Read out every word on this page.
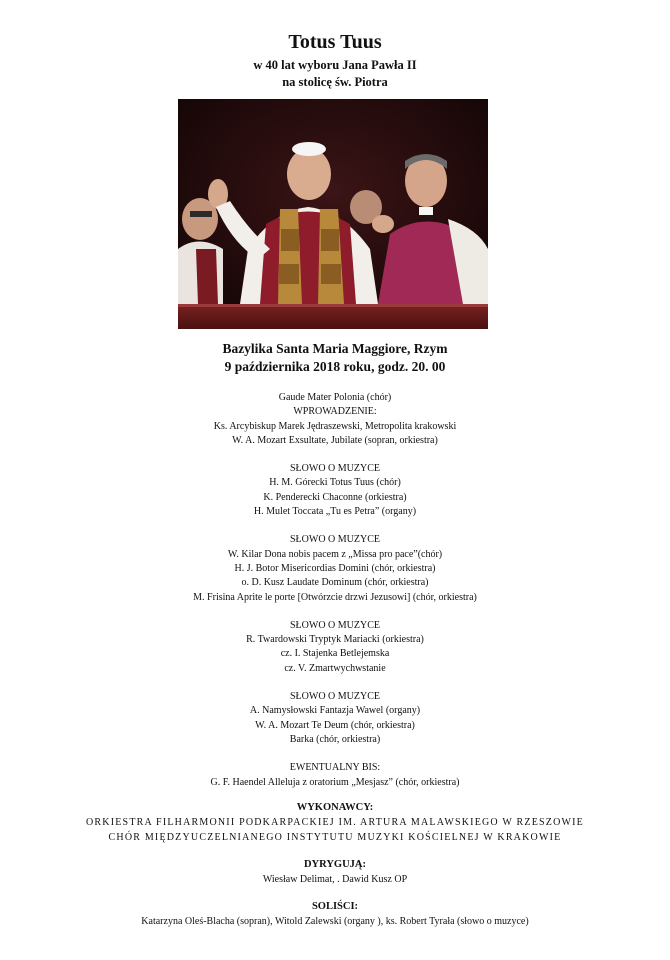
Totus Tuus
w 40 lat wyboru Jana Pawła II
na stolicę św. Piotra
Bazylika Santa Maria Maggiore, Rzym
9 października 2018 roku, godz. 20. 00
Gaude Mater Polonia (chór)
WPROWADZENIE:
Ks. Arcybiskup Marek Jędraszewski, Metropolita krakowski
W. A. Mozart Exsultate, Jubilate (sopran, orkiestra)
SŁOWO O MUZYCE
H. M. Górecki Totus Tuus (chór)
K. Penderecki Chaconne (orkiestra)
H. Mulet Toccata „Tu es Petra” (organy)
SŁOWO O MUZYCE
W. Kilar Dona nobis pacem z „Missa pro pace”(chór)
H. J. Botor Misericordias Domini (chór, orkiestra)
o. D. Kusz Laudate Dominum (chór, orkiestra)
M. Frisina Aprite le porte [Otwórzcie drzwi Jezusowi] (chór, orkiestra)
SŁOWO O MUZYCE
R. Twardowski Tryptyk Mariacki (orkiestra)
cz. I. Stajenka Betlejemska
cz. V. Zmartwychwstanie
SŁOWO O MUZYCE
A. Namysłowski Fantazja Wawel (organy)
W. A. Mozart Te Deum (chór, orkiestra)
Barka (chór, orkiestra)
EWENTUALNY BIS:
G. F. Haendel Alleluja z oratorium „Mesjasz” (chór, orkiestra)
WYKONAWCY:
ORKIESTRA FILHARMONII PODKARPACKIEJ IM. ARTURA MALAWSKIEGO W RZESZOWIE
CHÓR MIĘDZYUCZELNIANEGO INSTYTUTU MUZYKI KOŚCIELNEJ W KRAKOWIE
DYRYGUJĄ:
Wiesław Delimat, . Dawid Kusz OP
SOLIŚCI:
Katarzyna Oleś-Blacha (sopran), Witold Zalewski (organy ), ks. Robert Tyrała (słowo o muzyce)
